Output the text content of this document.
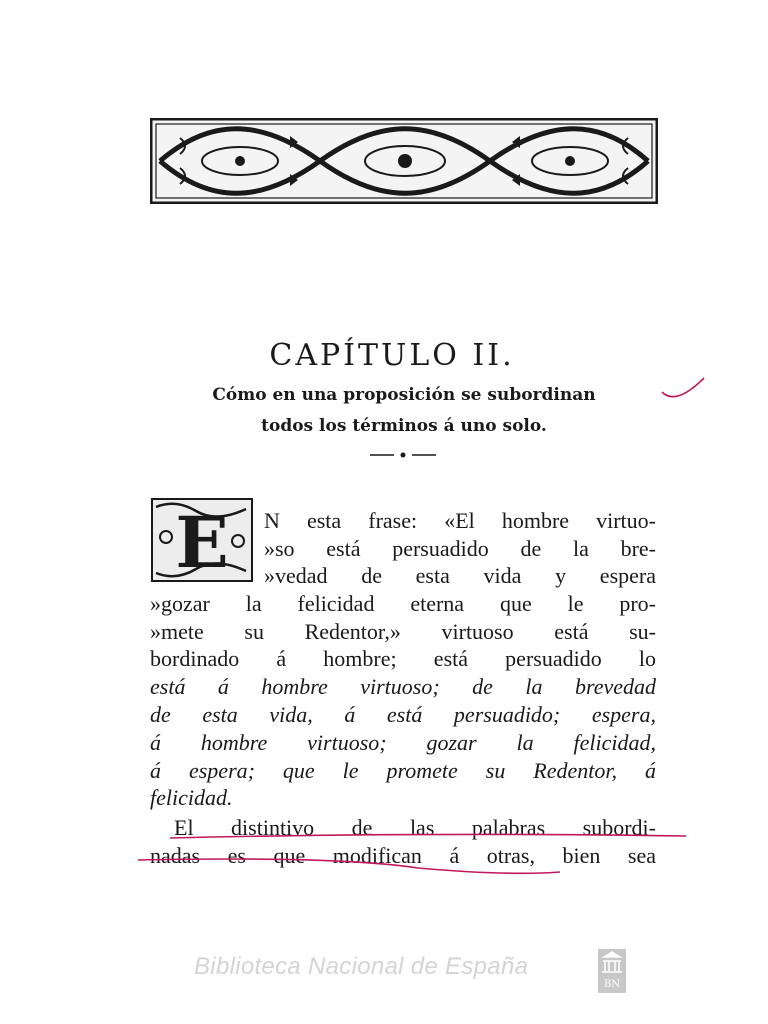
CAPÍTULO II.
Cómo en una proposición se subordinan
todos los términos á uno solo.
E N esta frase: «El hombre virtuo-
»so está persuadido de la bre-
»vedad de esta vida y espera
»gozar la felicidad eterna que le pro-
»mete su Redentor,» virtuoso está su-
bordinado á hombre; está persuadido lo
está á hombre virtuoso; de la brevedad
de esta vida, á está persuadido; espera,
á hombre virtuoso; gozar la felicidad,
á espera; que le promete su Redentor, á
felicidad.
El distintivo de las palabras subordi-
nadas es que modifican á otras, bien sea
Biblioteca Nacional de España
BN
